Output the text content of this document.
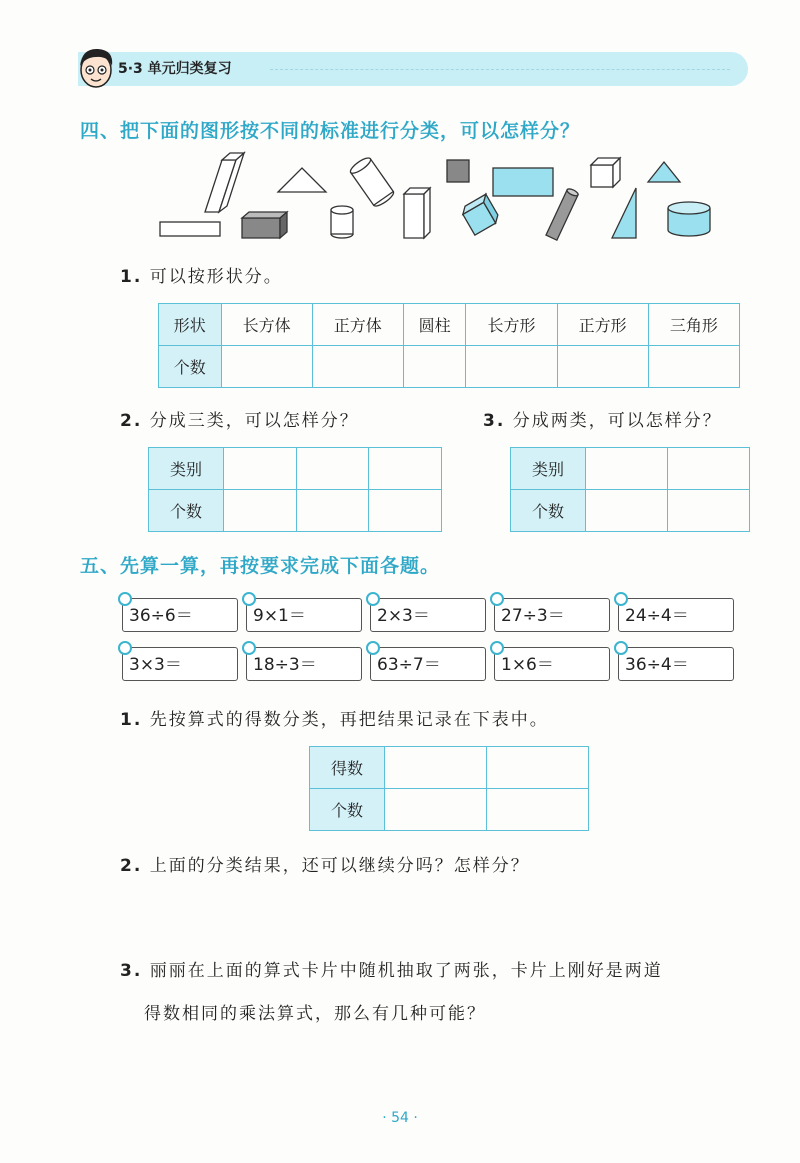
5·3 单元归类复习
四、把下面的图形按不同的标准进行分类，可以怎样分？
1. 可以按形状分。
形状	长方体	正方体	圆柱	长方形	正方形	三角形
个数						
2. 分成三类，可以怎样分？	3. 分成两类，可以怎样分？
类别			
个数			
类别		
个数		
五、先算一算，再按要求完成下面各题。
36÷6＝	9×1＝	2×3＝	27÷3＝	24÷4＝
3×3＝	18÷3＝	63÷7＝	1×6＝	36÷4＝
1. 先按算式的得数分类，再把结果记录在下表中。
得数		
个数		
2. 上面的分类结果，还可以继续分吗？怎样分？
3. 丽丽在上面的算式卡片中随机抽取了两张，卡片上刚好是两道
得数相同的乘法算式，那么有几种可能？
· 54 ·
